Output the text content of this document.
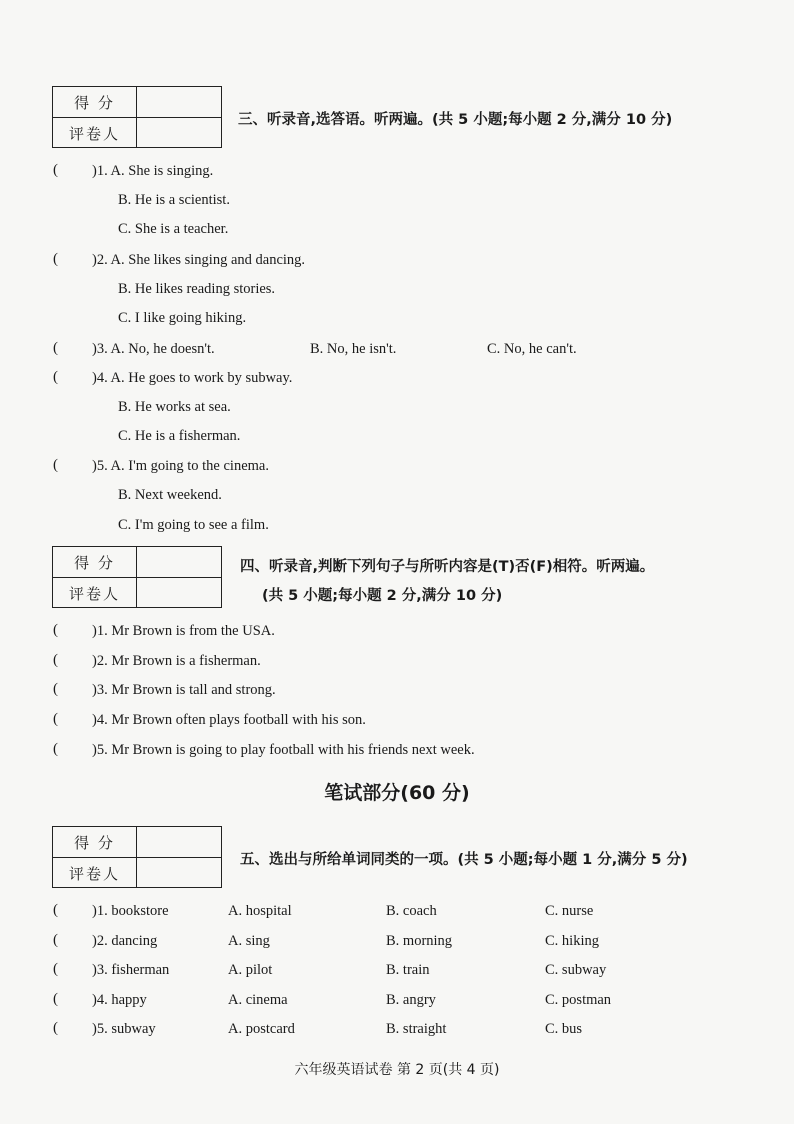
得 分
评卷人
三、听录音,选答语。听两遍。(共 5 小题;每小题 2 分,满分 10 分)
( )1. A. She is singing.
B. He is a scientist.
C. She is a teacher.
( )2. A. She likes singing and dancing.
B. He likes reading stories.
C. I like going hiking.
( )3. A. No, he doesn't.	B. No, he isn't.	C. No, he can't.
( )4. A. He goes to work by subway.
B. He works at sea.
C. He is a fisherman.
( )5. A. I'm going to the cinema.
B. Next weekend.
C. I'm going to see a film.
得 分
评卷人
四、听录音,判断下列句子与所听内容是(T)否(F)相符。听两遍。
(共 5 小题;每小题 2 分,满分 10 分)
( )1. Mr Brown is from the USA.
( )2. Mr Brown is a fisherman.
( )3. Mr Brown is tall and strong.
( )4. Mr Brown often plays football with his son.
( )5. Mr Brown is going to play football with his friends next week.
笔试部分(60 分)
得 分
评卷人
五、选出与所给单词同类的一项。(共 5 小题;每小题 1 分,满分 5 分)
( )1. bookstore	A. hospital	B. coach	C. nurse
( )2. dancing	A. sing	B. morning	C. hiking
( )3. fisherman	A. pilot	B. train	C. subway
( )4. happy	A. cinema	B. angry	C. postman
( )5. subway	A. postcard	B. straight	C. bus
六年级英语试卷 第 2 页(共 4 页)
